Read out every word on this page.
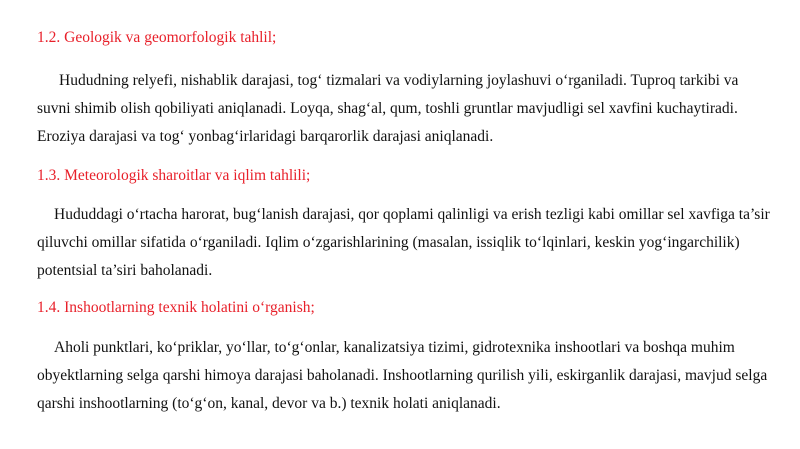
1.2. Geologik va geomorfologik tahlil;

Hududning relyefi, nishablik darajasi, tog‘ tizmalari va vodiylarning joylashuvi o‘rganiladi. Tuproq tarkibi va suvni shimib olish qobiliyati aniqlanadi. Loyqa, shag‘al, qum, toshli gruntlar mavjudligi sel xavfini kuchaytiradi. Eroziya darajasi va tog‘ yonbag‘irlaridagi barqarorlik darajasi aniqlanadi.

1.3. Meteorologik sharoitlar va iqlim tahlili;

Hududdagi o‘rtacha harorat, bug‘lanish darajasi, qor qoplami qalinligi va erish tezligi kabi omillar sel xavfiga ta’sir qiluvchi omillar sifatida o‘rganiladi. Iqlim o‘zgarishlarining (masalan, issiqlik to‘lqinlari, keskin yog‘ingarchilik) potentsial ta’siri baholanadi.

1.4. Inshootlarning texnik holatini o‘rganish;

Aholi punktlari, ko‘priklar, yo‘llar, to‘g‘onlar, kanalizatsiya tizimi, gidrotexnika inshootlari va boshqa muhim obyektlarning selga qarshi himoya darajasi baholanadi. Inshootlarning qurilish yili, eskirganlik darajasi, mavjud selga qarshi inshootlarning (to‘g‘on, kanal, devor va b.) texnik holati aniqlanadi.
